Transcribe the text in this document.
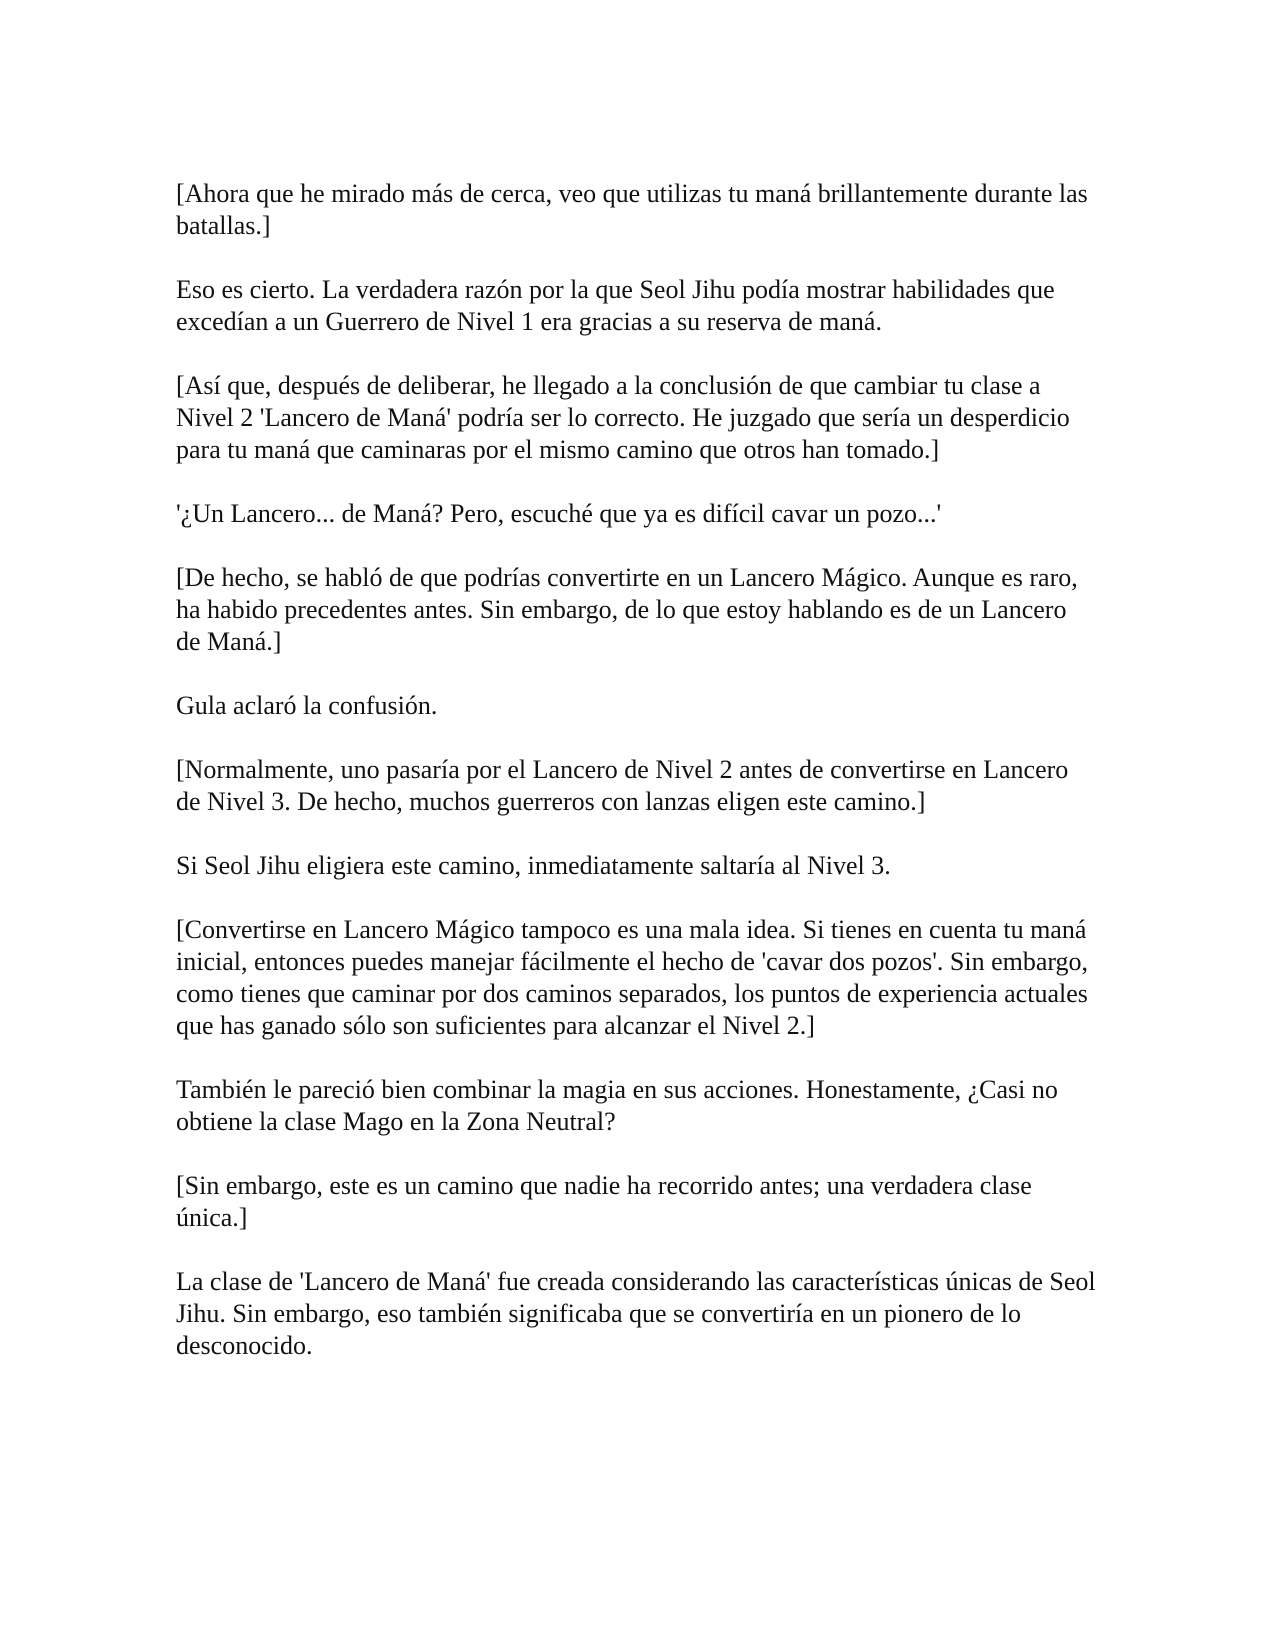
[Ahora que he mirado más de cerca, veo que utilizas tu maná brillantemente durante las batallas.]

Eso es cierto. La verdadera razón por la que Seol Jihu podía mostrar habilidades que excedían a un Guerrero de Nivel 1 era gracias a su reserva de maná.

[Así que, después de deliberar, he llegado a la conclusión de que cambiar tu clase a Nivel 2 'Lancero de Maná' podría ser lo correcto. He juzgado que sería un desperdicio para tu maná que caminaras por el mismo camino que otros han tomado.]

'¿Un Lancero... de Maná? Pero, escuché que ya es difícil cavar un pozo...'

[De hecho, se habló de que podrías convertirte en un Lancero Mágico. Aunque es raro, ha habido precedentes antes. Sin embargo, de lo que estoy hablando es de un Lancero de Maná.]

Gula aclaró la confusión.

[Normalmente, uno pasaría por el Lancero de Nivel 2 antes de convertirse en Lancero de Nivel 3. De hecho, muchos guerreros con lanzas eligen este camino.]

Si Seol Jihu eligiera este camino, inmediatamente saltaría al Nivel 3.

[Convertirse en Lancero Mágico tampoco es una mala idea. Si tienes en cuenta tu maná inicial, entonces puedes manejar fácilmente el hecho de 'cavar dos pozos'. Sin embargo, como tienes que caminar por dos caminos separados, los puntos de experiencia actuales que has ganado sólo son suficientes para alcanzar el Nivel 2.]

También le pareció bien combinar la magia en sus acciones. Honestamente, ¿Casi no obtiene la clase Mago en la Zona Neutral?

[Sin embargo, este es un camino que nadie ha recorrido antes; una verdadera clase única.]

La clase de 'Lancero de Maná' fue creada considerando las características únicas de Seol Jihu. Sin embargo, eso también significaba que se convertiría en un pionero de lo desconocido.
